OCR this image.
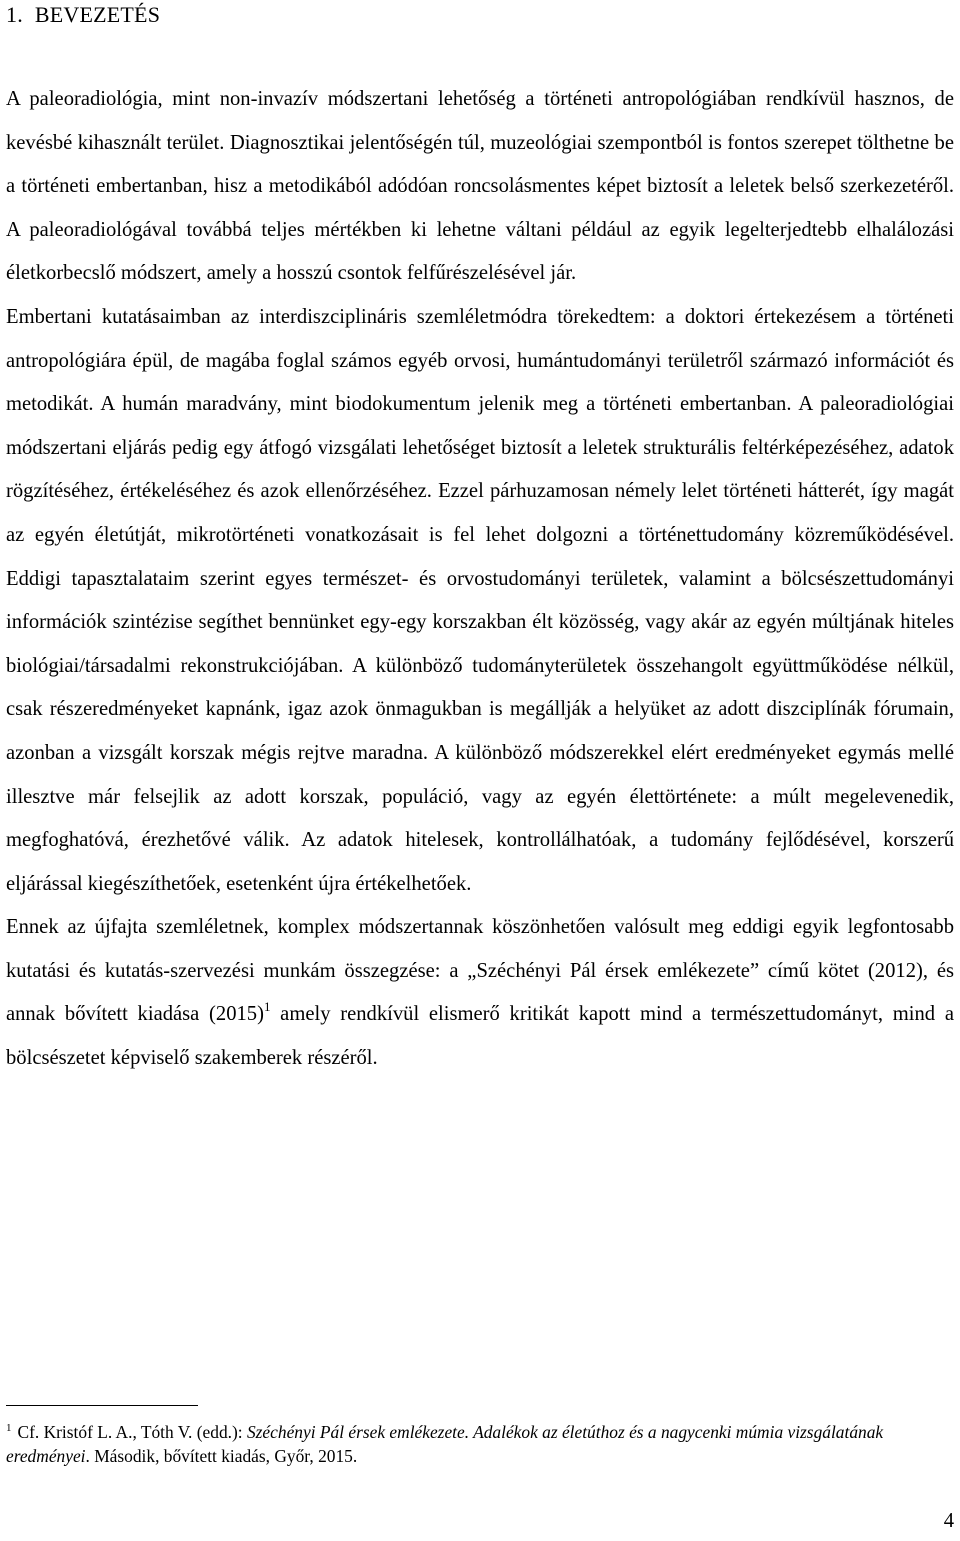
1. BEVEZETÉS

A paleoradiológia, mint non-invazív módszertani lehetőség a történeti antropológiában rendkívül hasznos, de kevésbé kihasznált terület. Diagnosztikai jelentőségén túl, muzeológiai szempontból is fontos szerepet tölthetne be a történeti embertanban, hisz a metodikából adódóan roncsolásmentes képet biztosít a leletek belső szerkezetéről. A paleoradiológával továbbá teljes mértékben ki lehetne váltani például az egyik legelterjedtebb elhalálozási életkorbecslő módszert, amely a hosszú csontok felfűrészelésével jár.

Embertani kutatásaimban az interdiszciplináris szemléletmódra törekedtem: a doktori értekezésem a történeti antropológiára épül, de magába foglal számos egyéb orvosi, humántudományi területről származó információt és metodikát. A humán maradvány, mint biodokumentum jelenik meg a történeti embertanban. A paleoradiológiai módszertani eljárás pedig egy átfogó vizsgálati lehetőséget biztosít a leletek strukturális feltérképezéséhez, adatok rögzítéséhez, értékeléséhez és azok ellenőrzéséhez. Ezzel párhuzamosan némely lelet történeti hátterét, így magát az egyén életútját, mikrotörténeti vonatkozásait is fel lehet dolgozni a történettudomány közreműködésével. Eddigi tapasztalataim szerint egyes természet- és orvostudományi területek, valamint a bölcsészettudományi információk szintézise segíthet bennünket egy-egy korszakban élt közösség, vagy akár az egyén múltjának hiteles biológiai/társadalmi rekonstrukciójában. A különböző tudományterületek összehangolt együttműködése nélkül, csak részeredményeket kapnánk, igaz azok önmagukban is megállják a helyüket az adott diszciplínák fórumain, azonban a vizsgált korszak mégis rejtve maradna. A különböző módszerekkel elért eredményeket egymás mellé illesztve már felsejlik az adott korszak, populáció, vagy az egyén élettörténete: a múlt megelevenedik, megfoghatóvá, érezhetővé válik. Az adatok hitelesek, kontrollálhatóak, a tudomány fejlődésével, korszerű eljárással kiegészíthetőek, esetenként újra értékelhetőek.

Ennek az újfajta szemléletnek, komplex módszertannak köszönhetően valósult meg eddigi egyik legfontosabb kutatási és kutatás-szervezési munkám összegzése: a „Széchényi Pál érsek emlékezete” című kötet (2012), és annak bővített kiadása (2015)$^1$ amely rendkívül elismerő kritikát kapott mind a természettudományt, mind a bölcsészetet képviselő szakemberek részéről.

$^1$ Cf. Kristóf L. A., Tóth V. (edd.): Széchényi Pál érsek emlékezete. Adalékok az életúthoz és a nagycenki múmia vizsgálatának eredményei. Második, bővített kiadás, Győr, 2015.
4
